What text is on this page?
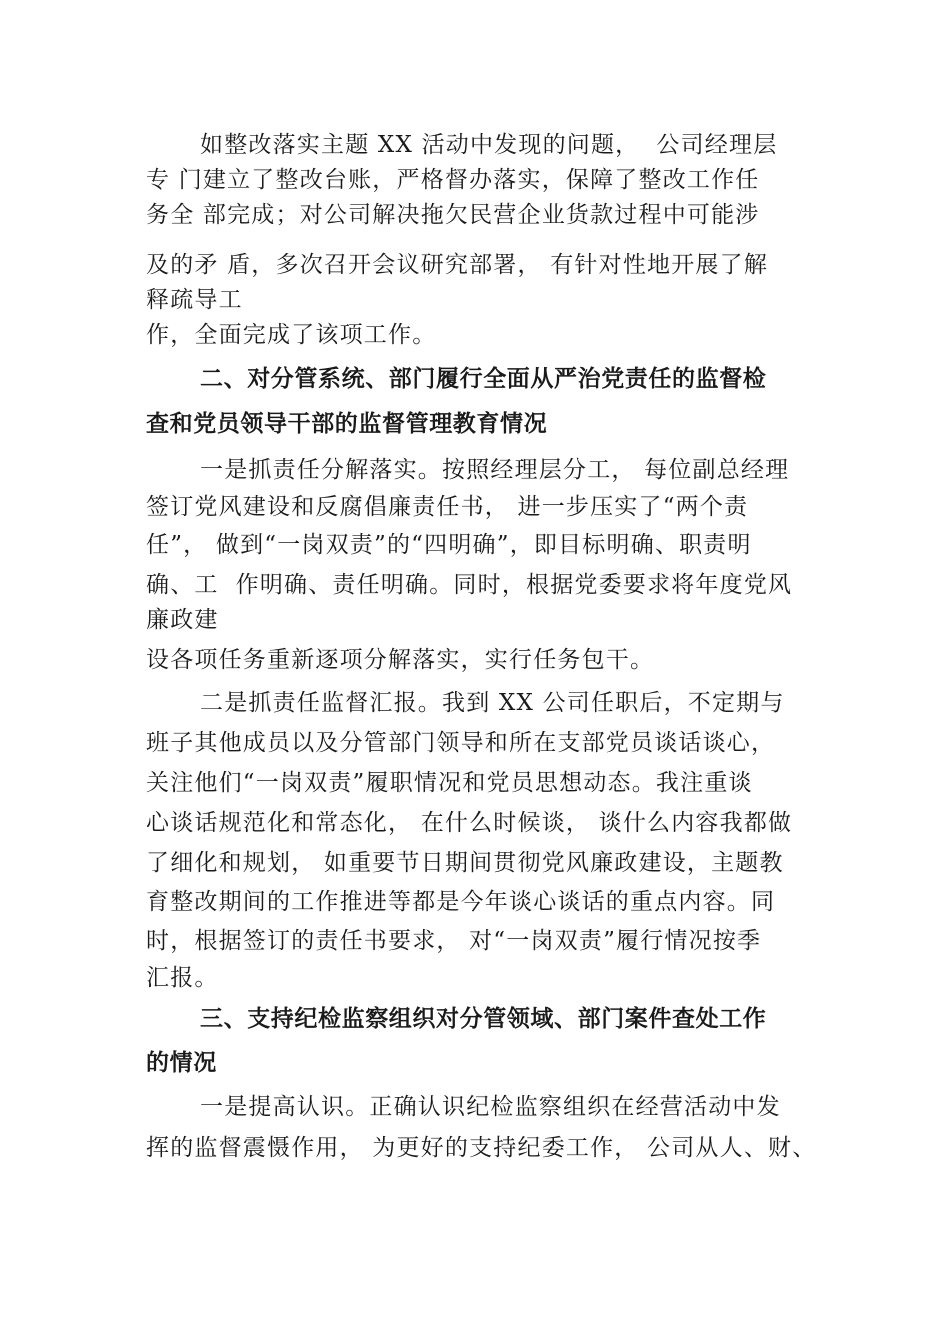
如整改落实主题 XX 活动中发现的问题，  公司经理层
专 门建立了整改台账，严格督办落实，保障了整改工作任
务全 部完成；对公司解决拖欠民营企业货款过程中可能涉
及的矛 盾，多次召开会议研究部署， 有针对性地开展了解
释疏导工
作，全面完成了该项工作。
二、对分管系统、部门履行全面从严治党责任的监督检
查和党员领导干部的监督管理教育情况
一是抓责任分解落实。按照经理层分工， 每位副总经理
签订党风建设和反腐倡廉责任书， 进一步压实了“两个责
任”， 做到“一岗双责”的“四明确”，即目标明确、职责明
确、工  作明确、责任明确。同时，根据党委要求将年度党风
廉政建
设各项任务重新逐项分解落实，实行任务包干。
二是抓责任监督汇报。我到 XX 公司任职后，不定期与
班子其他成员以及分管部门领导和所在支部党员谈话谈心，
关注他们“一岗双责”履职情况和党员思想动态。我注重谈
心谈话规范化和常态化， 在什么时候谈， 谈什么内容我都做
了细化和规划， 如重要节日期间贯彻党风廉政建设，主题教
育整改期间的工作推进等都是今年谈心谈话的重点内容。同
时，根据签订的责任书要求， 对“一岗双责”履行情况按季
汇报。
三、支持纪检监察组织对分管领域、部门案件查处工作
的情况
一是提高认识。正确认识纪检监察组织在经营活动中发
挥的监督震慑作用， 为更好的支持纪委工作， 公司从人、财、
